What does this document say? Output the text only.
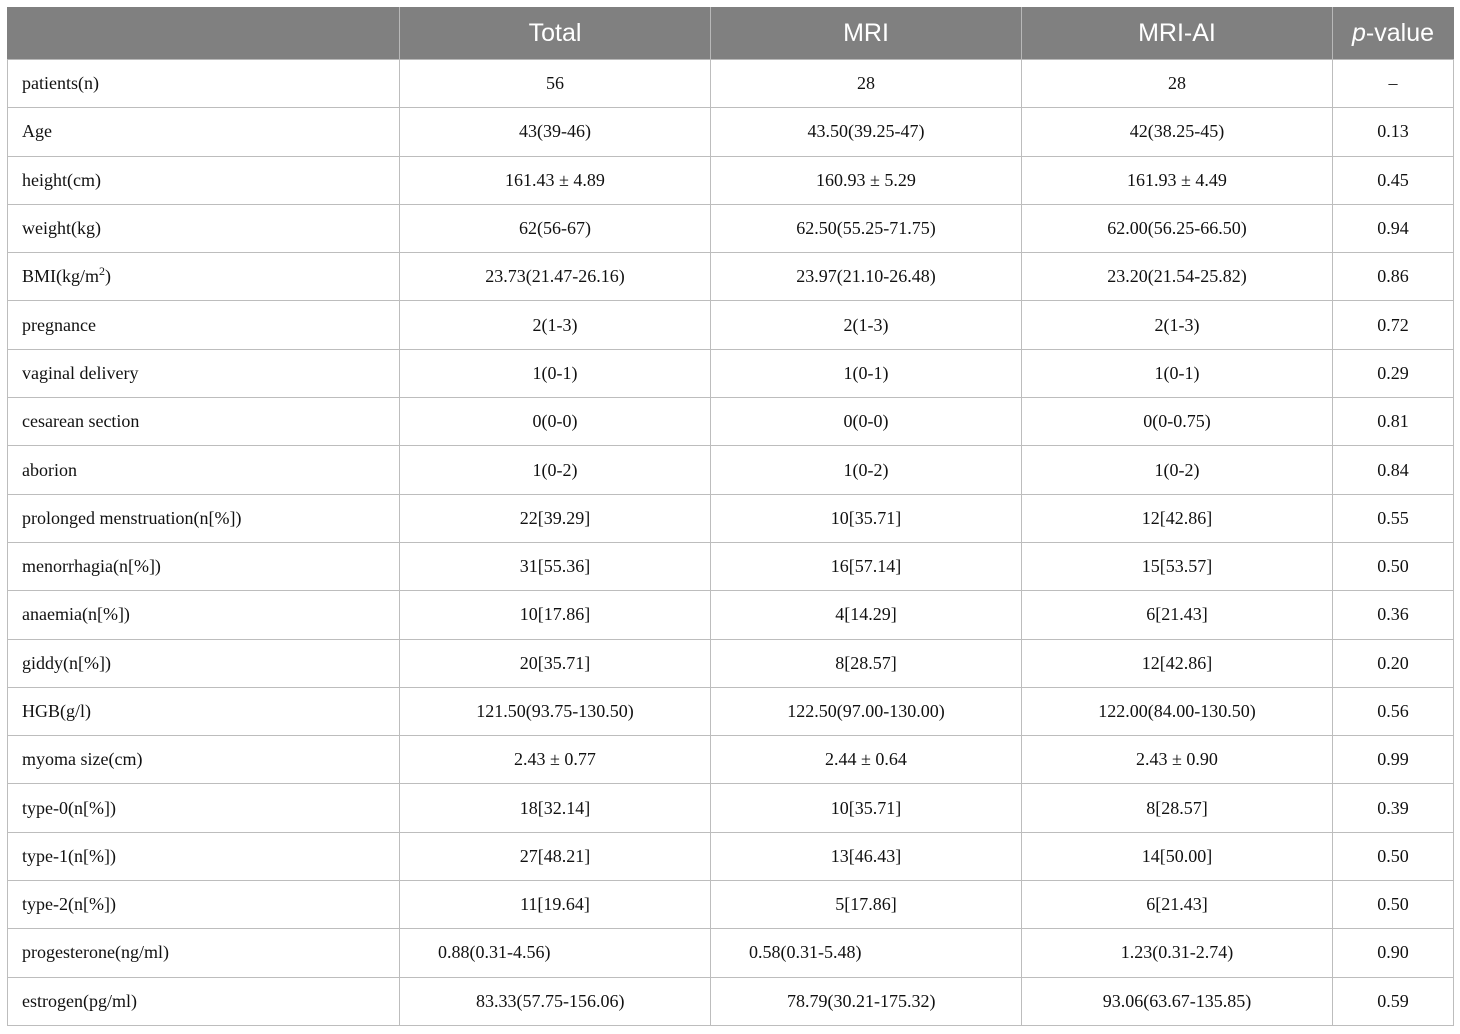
	Total	MRI	MRI-AI	p-value
patients(n)	56	28	28	–
Age	43(39-46)	43.50(39.25-47)	42(38.25-45)	0.13
height(cm)	161.43 ± 4.89	160.93 ± 5.29	161.93 ± 4.49	0.45
weight(kg)	62(56-67)	62.50(55.25-71.75)	62.00(56.25-66.50)	0.94
$BMI(kg/m^2)$	23.73(21.47-26.16)	23.97(21.10-26.48)	23.20(21.54-25.82)	0.86
pregnance	2(1-3)	2(1-3)	2(1-3)	0.72
vaginal delivery	1(0-1)	1(0-1)	1(0-1)	0.29
cesarean section	0(0-0)	0(0-0)	0(0-0.75)	0.81
aborion	1(0-2)	1(0-2)	1(0-2)	0.84
prolonged menstruation(n[%])	22[39.29]	10[35.71]	12[42.86]	0.55
menorrhagia(n[%])	31[55.36]	16[57.14]	15[53.57]	0.50
anaemia(n[%])	10[17.86]	4[14.29]	6[21.43]	0.36
giddy(n[%])	20[35.71]	8[28.57]	12[42.86]	0.20
HGB(g/l)	121.50(93.75-130.50)	122.50(97.00-130.00)	122.00(84.00-130.50)	0.56
myoma size(cm)	2.43 ± 0.77	2.44 ± 0.64	2.43 ± 0.90	0.99
type-0(n[%])	18[32.14]	10[35.71]	8[28.57]	0.39
type-1(n[%])	27[48.21]	13[46.43]	14[50.00]	0.50
type-2(n[%])	11[19.64]	5[17.86]	6[21.43]	0.50
progesterone(ng/ml)	0.88(0.31-4.56)	0.58(0.31-5.48)	1.23(0.31-2.74)	0.90
estrogen(pg/ml)	83.33(57.75-156.06)	78.79(30.21-175.32)	93.06(63.67-135.85)	0.59
